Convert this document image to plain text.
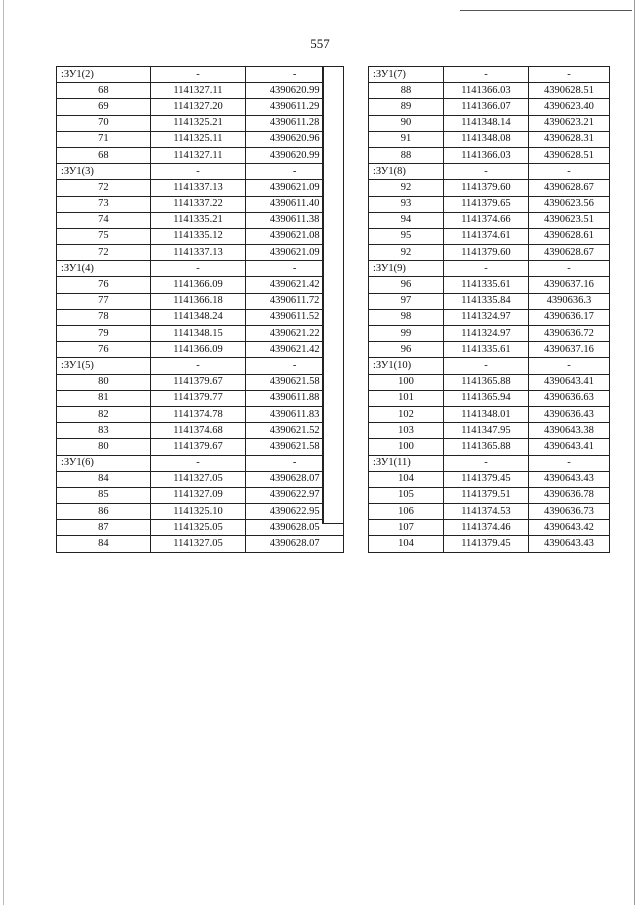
557
:ЗУ1(2)	-	-
68	1141327.11	4390620.99
69	1141327.20	4390611.29
70	1141325.21	4390611.28
71	1141325.11	4390620.96
68	1141327.11	4390620.99
:ЗУ1(3)	-	-
72	1141337.13	4390621.09
73	1141337.22	4390611.40
74	1141335.21	4390611.38
75	1141335.12	4390621.08
72	1141337.13	4390621.09
:ЗУ1(4)	-	-
76	1141366.09	4390621.42
77	1141366.18	4390611.72
78	1141348.24	4390611.52
79	1141348.15	4390621.22
76	1141366.09	4390621.42
:ЗУ1(5)	-	-
80	1141379.67	4390621.58
81	1141379.77	4390611.88
82	1141374.78	4390611.83
83	1141374.68	4390621.52
80	1141379.67	4390621.58
:ЗУ1(6)	-	-
84	1141327.05	4390628.07
85	1141327.09	4390622.97
86	1141325.10	4390622.95
87	1141325.05	4390628.05
84	1141327.05	4390628.07
:ЗУ1(7)	-	-
88	1141366.03	4390628.51
89	1141366.07	4390623.40
90	1141348.14	4390623.21
91	1141348.08	4390628.31
88	1141366.03	4390628.51
:ЗУ1(8)	-	-
92	1141379.60	4390628.67
93	1141379.65	4390623.56
94	1141374.66	4390623.51
95	1141374.61	4390628.61
92	1141379.60	4390628.67
:ЗУ1(9)	-	-
96	1141335.61	4390637.16
97	1141335.84	4390636.3
98	1141324.97	4390636.17
99	1141324.97	4390636.72
96	1141335.61	4390637.16
:ЗУ1(10)	-	-
100	1141365.88	4390643.41
101	1141365.94	4390636.63
102	1141348.01	4390636.43
103	1141347.95	4390643.38
100	1141365.88	4390643.41
:ЗУ1(11)	-	-
104	1141379.45	4390643.43
105	1141379.51	4390636.78
106	1141374.53	4390636.73
107	1141374.46	4390643.42
104	1141379.45	4390643.43
